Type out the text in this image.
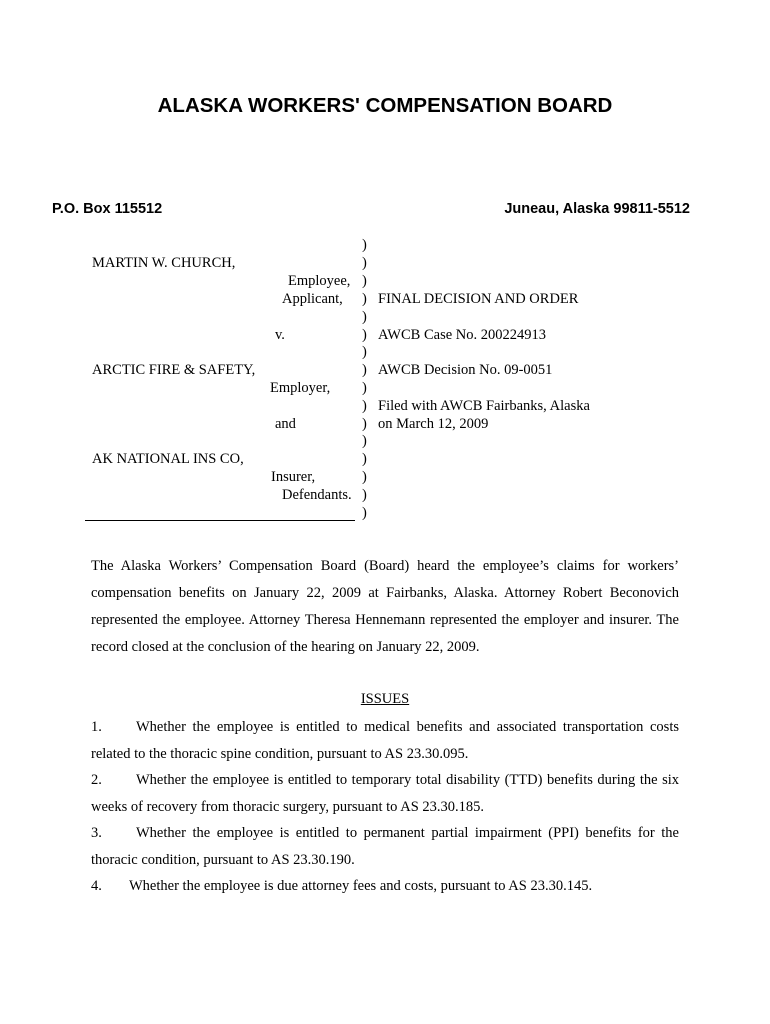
ALASKA WORKERS' COMPENSATION BOARD
P.O. Box 115512	Juneau, Alaska 99811-5512
MARTIN W. CHURCH,
Employee,
Applicant,
v.
ARCTIC FIRE & SAFETY,
Employer,
and
AK NATIONAL INS CO,
Insurer,
Defendants.
)
)
)
)
)
)
)
)
)
)
)
)
)
)
)
)
FINAL DECISION AND ORDER
AWCB Case No. 200224913
AWCB Decision No. 09-0051
Filed with AWCB Fairbanks, Alaska
on March 12, 2009

The Alaska Workers’ Compensation Board (Board) heard the employee’s claims for workers’ compensation benefits on January 22, 2009 at Fairbanks, Alaska. Attorney Robert Beconovich represented the employee. Attorney Theresa Hennemann represented the employer and insurer. The record closed at the conclusion of the hearing on January 22, 2009.

ISSUES

1. Whether the employee is entitled to medical benefits and associated transportation costs related to the thoracic spine condition, pursuant to AS 23.30.095.

2. Whether the employee is entitled to temporary total disability (TTD) benefits during the six weeks of recovery from thoracic surgery, pursuant to AS 23.30.185.

3. Whether the employee is entitled to permanent partial impairment (PPI) benefits for the thoracic condition, pursuant to AS 23.30.190.

4. Whether the employee is due attorney fees and costs, pursuant to AS 23.30.145.
